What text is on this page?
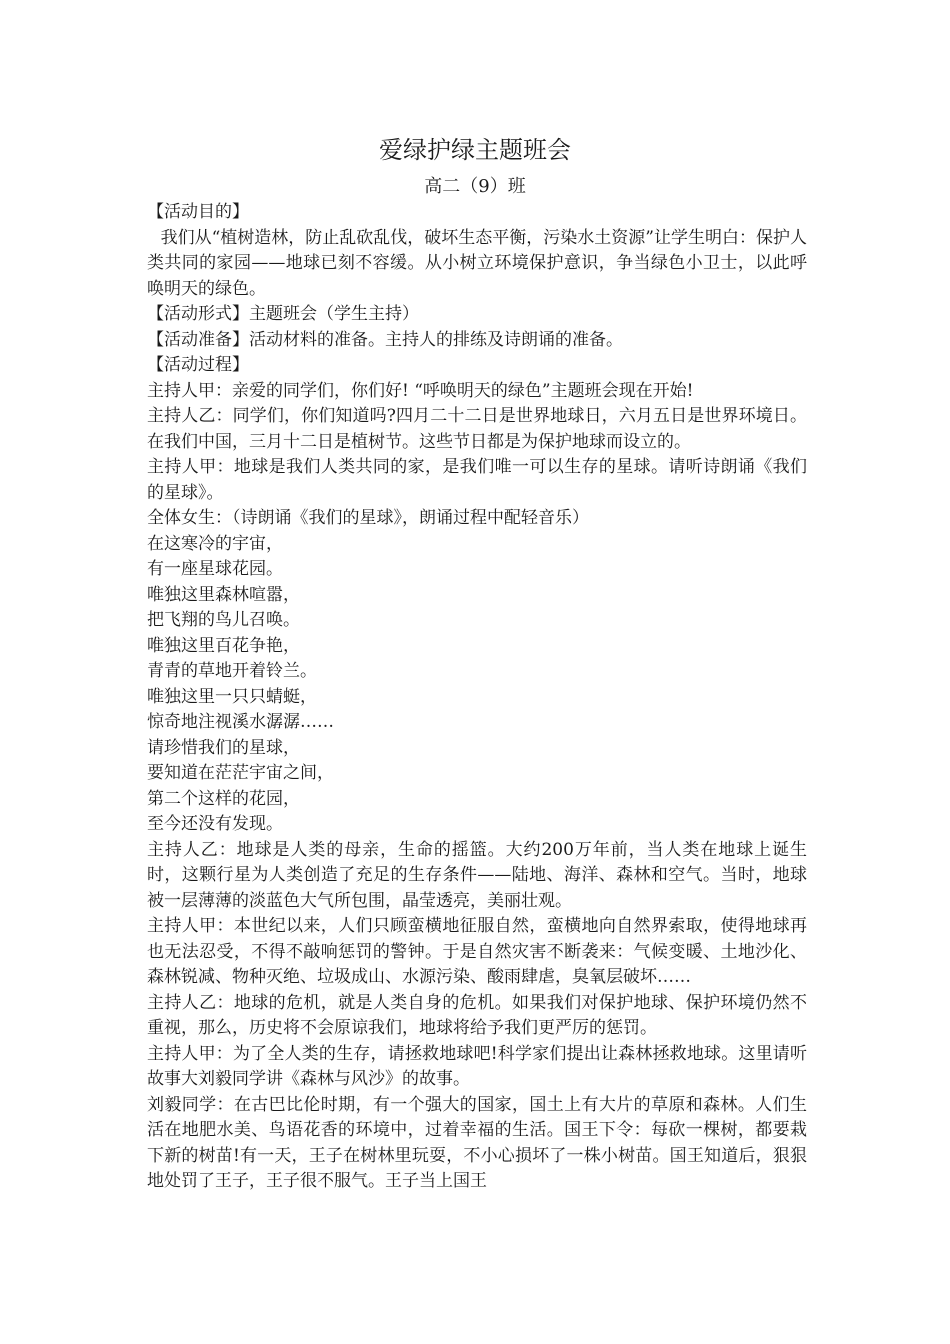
爱绿护绿主题班会
高二（9）班

【活动目的】

我们从“植树造林，防止乱砍乱伐，破坏生态平衡，污染水土资源”让学生明白：保护人类共同的家园——地球已刻不容缓。从小树立环境保护意识，争当绿色小卫士，以此呼唤明天的绿色。

【活动形式】主题班会（学生主持）

【活动准备】活动材料的准备。主持人的排练及诗朗诵的准备。

【活动过程】

主持人甲：亲爱的同学们，你们好! “呼唤明天的绿色”主题班会现在开始!

主持人乙：同学们，你们知道吗?四月二十二日是世界地球日，六月五日是世界环境日。在我们中国，三月十二日是植树节。这些节日都是为保护地球而设立的。

主持人甲：地球是我们人类共同的家，是我们唯一可以生存的星球。请听诗朗诵《我们的星球》。

全体女生：（诗朗诵《我们的星球》，朗诵过程中配轻音乐）

在这寒冷的宇宙，

有一座星球花园。

唯独这里森林喧嚣，

把飞翔的鸟儿召唤。

唯独这里百花争艳，

青青的草地开着铃兰。

唯独这里一只只蜻蜓，

惊奇地注视溪水潺潺……

请珍惜我们的星球，

要知道在茫茫宇宙之间，

第二个这样的花园，

至今还没有发现。

主持人乙：地球是人类的母亲，生命的摇篮。大约200万年前，当人类在地球上诞生时，这颗行星为人类创造了充足的生存条件——陆地、海洋、森林和空气。当时，地球被一层薄薄的淡蓝色大气所包围，晶莹透亮，美丽壮观。

主持人甲：本世纪以来，人们只顾蛮横地征服自然，蛮横地向自然界索取，使得地球再也无法忍受，不得不敲响惩罚的警钟。于是自然灾害不断袭来：气候变暖、土地沙化、森林锐减、物种灭绝、垃圾成山、水源污染、酸雨肆虐，臭氧层破坏……

主持人乙：地球的危机，就是人类自身的危机。如果我们对保护地球、保护环境仍然不重视，那么，历史将不会原谅我们，地球将给予我们更严厉的惩罚。

主持人甲：为了全人类的生存，请拯救地球吧!科学家们提出让森林拯救地球。这里请听故事大刘毅同学讲《森林与风沙》的故事。

刘毅同学：在古巴比伦时期，有一个强大的国家，国土上有大片的草原和森林。人们生活在地肥水美、鸟语花香的环境中，过着幸福的生活。国王下令：每砍一棵树，都要栽下新的树苗!有一天，王子在树林里玩耍，不小心损坏了一株小树苗。国王知道后，狠狠地处罚了王子，王子很不服气。王子当上国王
